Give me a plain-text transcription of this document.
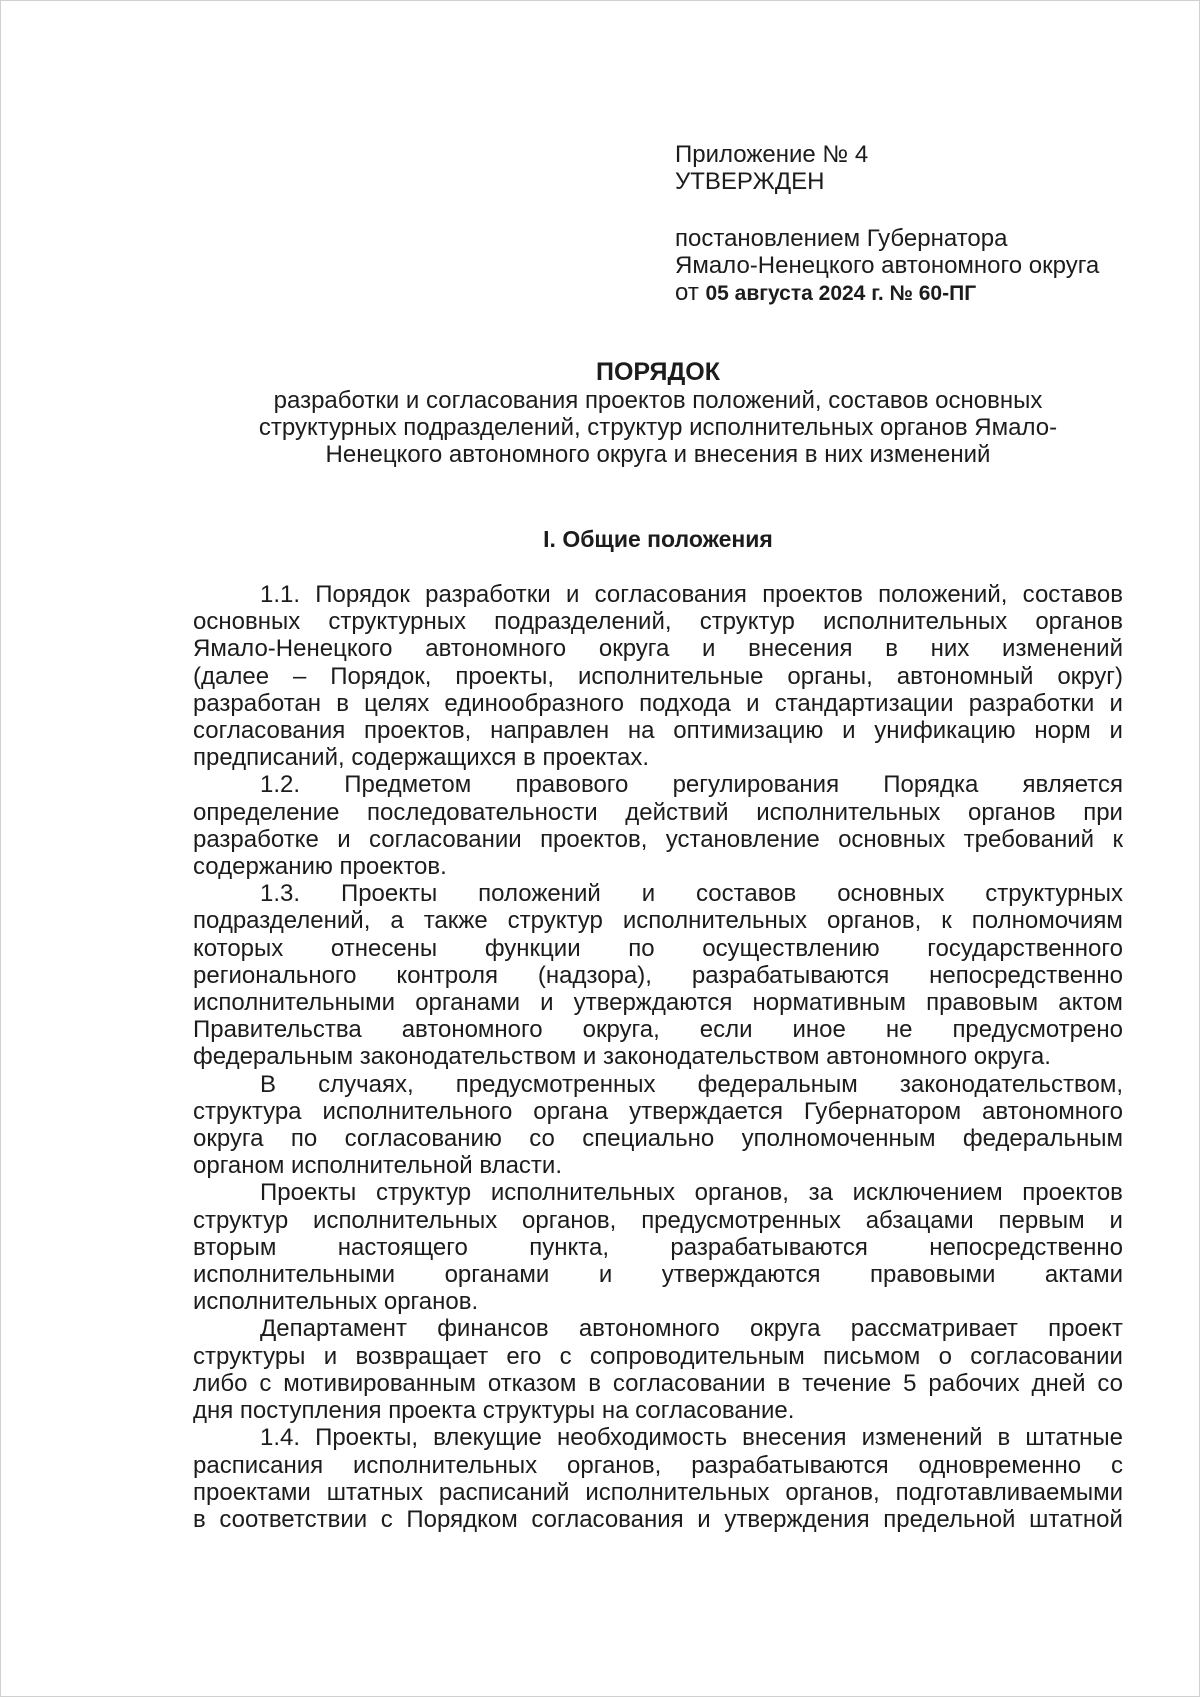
Приложение № 4
УТВЕРЖДЕН
постановлением Губернатора
Ямало-Ненецкого автономного округа
от 05 августа 2024 г. № 60-ПГ
ПОРЯДОК
разработки и согласования проектов положений, составов основных
структурных подразделений, структур исполнительных органов Ямало-
Ненецкого автономного округа и внесения в них изменений
I. Общие положения

1.1. Порядок разработки и согласования проектов положений, составов
основных структурных подразделений, структур исполнительных органов
Ямало-Ненецкого автономного округа и внесения в них изменений
(далее – Порядок, проекты, исполнительные органы, автономный округ)
разработан в целях единообразного подхода и стандартизации разработки и
согласования проектов, направлен на оптимизацию и унификацию норм и
предписаний, содержащихся в проектах.

1.2. Предметом правового регулирования Порядка является
определение последовательности действий исполнительных органов при
разработке и согласовании проектов, установление основных требований к
содержанию проектов.

1.3. Проекты положений и составов основных структурных
подразделений, а также структур исполнительных органов, к полномочиям
которых отнесены функции по осуществлению государственного
регионального контроля (надзора), разрабатываются непосредственно
исполнительными органами и утверждаются нормативным правовым актом
Правительства автономного округа, если иное не предусмотрено
федеральным законодательством и законодательством автономного округа.

В случаях, предусмотренных федеральным законодательством,
структура исполнительного органа утверждается Губернатором автономного
округа по согласованию со специально уполномоченным федеральным
органом исполнительной власти.

Проекты структур исполнительных органов, за исключением проектов
структур исполнительных органов, предусмотренных абзацами первым и
вторым	настоящего	пункта,	разрабатываются	непосредственно
исполнительными органами и утверждаются правовыми актами
исполнительных органов.

Департамент финансов автономного округа рассматривает проект
структуры и возвращает его с сопроводительным письмом о согласовании
либо с мотивированным отказом в согласовании в течение 5 рабочих дней со
дня поступления проекта структуры на согласование.

1.4. Проекты, влекущие необходимость внесения изменений в штатные
расписания исполнительных органов, разрабатываются одновременно с
проектами штатных расписаний исполнительных органов, подготавливаемыми
в соответствии с Порядком согласования и утверждения предельной штатной
